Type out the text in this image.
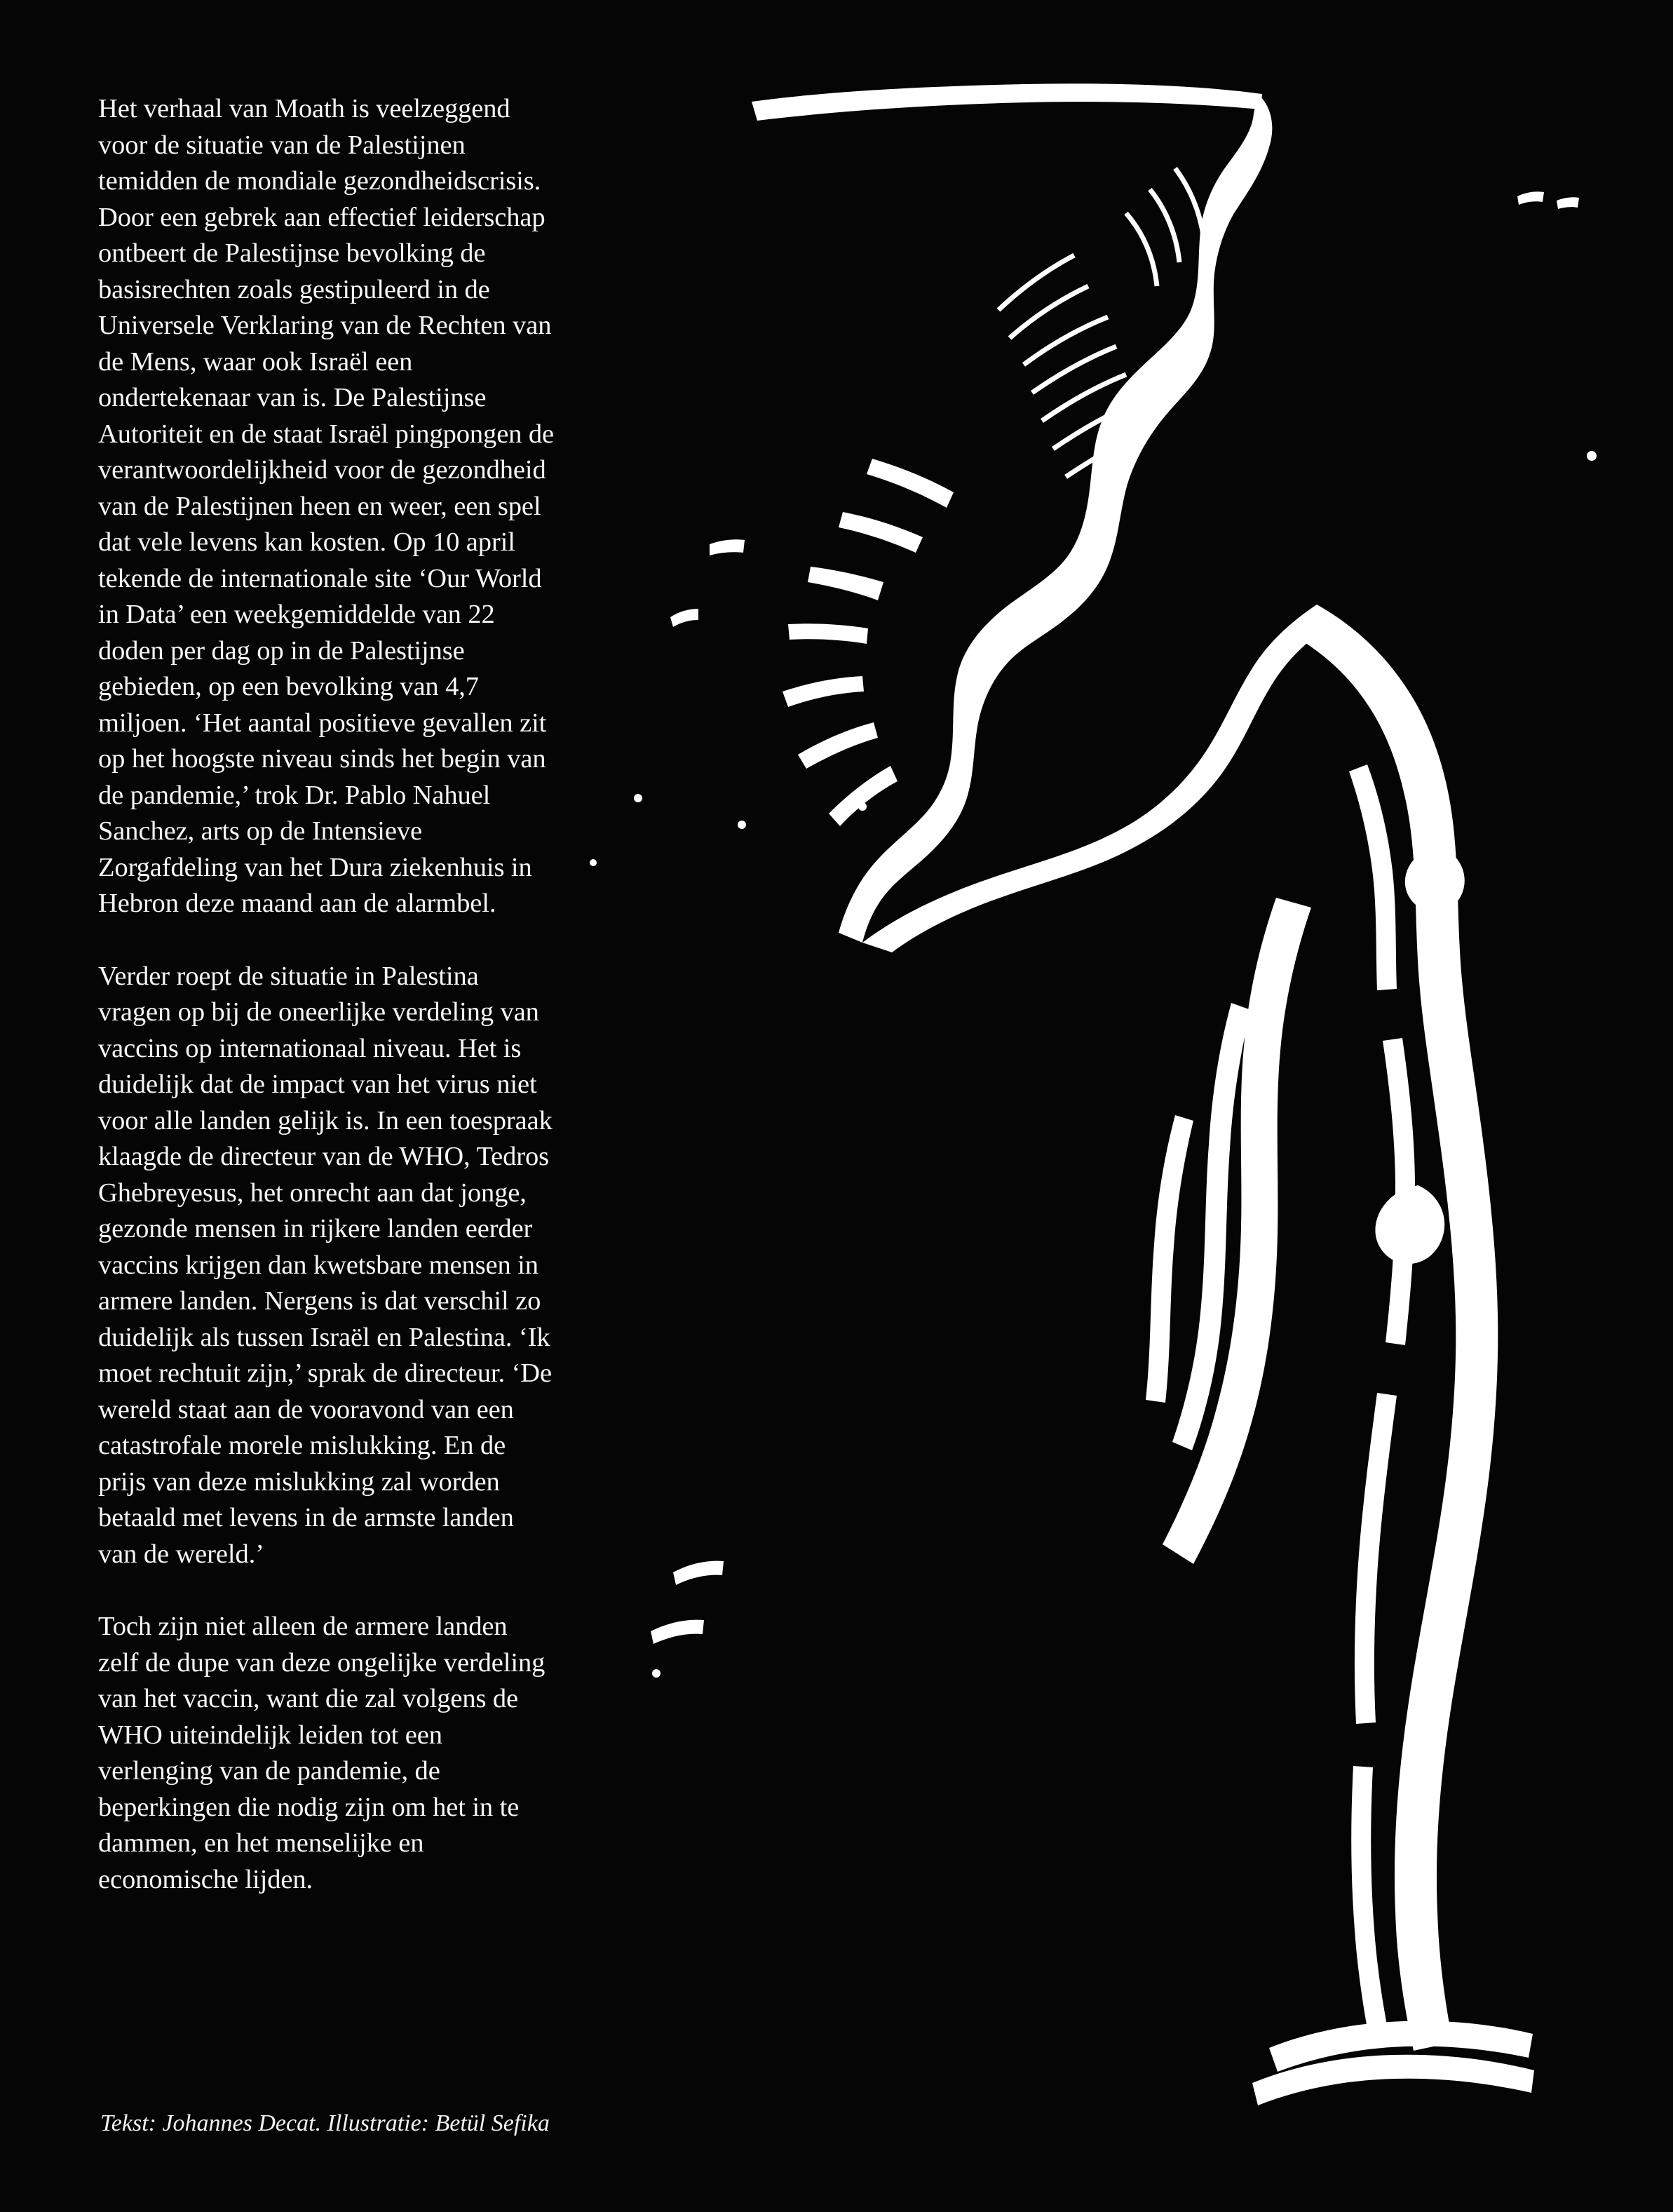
Het verhaal van Moath is veelzeggend voor de situatie van de Palestijnen temidden de mondiale gezondheidscrisis. Door een gebrek aan effectief leiderschap ontbeert de Palestijnse bevolking de basisrechten zoals gestipuleerd in de Universele Verklaring van de Rechten van de Mens, waar ook Israël een ondertekenaar van is. De Palestijnse Autoriteit en de staat Israël pingpongen de verantwoordelijkheid voor de gezondheid van de Palestijnen heen en weer, een spel dat vele levens kan kosten. Op 10 april tekende de internationale site ‘Our World in Data’ een weekgemiddelde van 22 doden per dag op in de Palestijnse gebieden, op een bevolking van 4,7 miljoen. ‘Het aantal positieve gevallen zit op het hoogste niveau sinds het begin van de pandemie,’ trok Dr. Pablo Nahuel Sanchez, arts op de Intensieve Zorgafdeling van het Dura ziekenhuis in Hebron deze maand aan de alarmbel.

Verder roept de situatie in Palestina vragen op bij de oneerlijke verdeling van vaccins op internationaal niveau. Het is duidelijk dat de impact van het virus niet voor alle landen gelijk is. In een toespraak klaagde de directeur van de WHO, Tedros Ghebreyesus, het onrecht aan dat jonge, gezonde mensen in rijkere landen eerder vaccins krijgen dan kwetsbare mensen in armere landen. Nergens is dat verschil zo duidelijk als tussen Israël en Palestina. ‘Ik moet rechtuit zijn,’ sprak de directeur. ‘De wereld staat aan de vooravond van een catastrofale morele mislukking. En de prijs van deze mislukking zal worden betaald met levens in de armste landen van de wereld.’

Toch zijn niet alleen de armere landen zelf de dupe van deze ongelijke verdeling van het vaccin, want die zal volgens de WHO uiteindelijk leiden tot een verlenging van de pandemie, de beperkingen die nodig zijn om het in te dammen, en het menselijke en economische lijden.

Tekst: Johannes Decat. Illustratie: Betül Sefika
